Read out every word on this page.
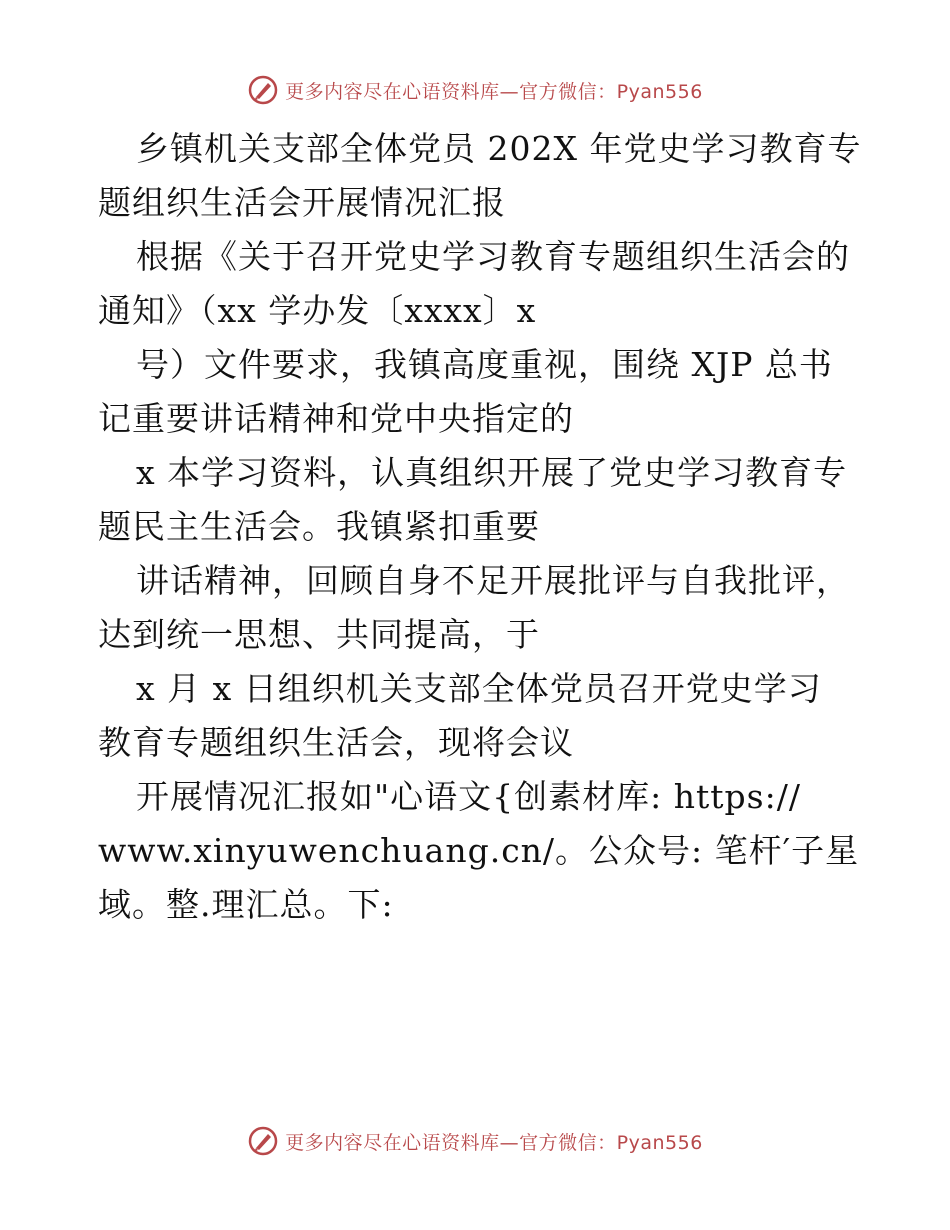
更多内容尽在心语资料库—官方微信：Pyan556
乡镇机关支部全体党员 202X 年党史学习教育专
题组织生活会开展情况汇报
根据《关于召开党史学习教育专题组织生活会的
通知》（xx 学办发〔xxxx〕x
号）文件要求，我镇高度重视，围绕 XJP 总书
记重要讲话精神和党中央指定的
x 本学习资料，认真组织开展了党史学习教育专
题民主生活会。我镇紧扣重要
讲话精神，回顾自身不足开展批评与自我批评，
达到统一思想、共同提高，于
x 月 x 日组织机关支部全体党员召开党史学习
教育专题组织生活会，现将会议
开展情况汇报如"心语文{创素材库: https://
www.xinyuwenchuang.cn/。公众号: 笔杆′子星
域。整.理汇总。下:
更多内容尽在心语资料库—官方微信：Pyan556
